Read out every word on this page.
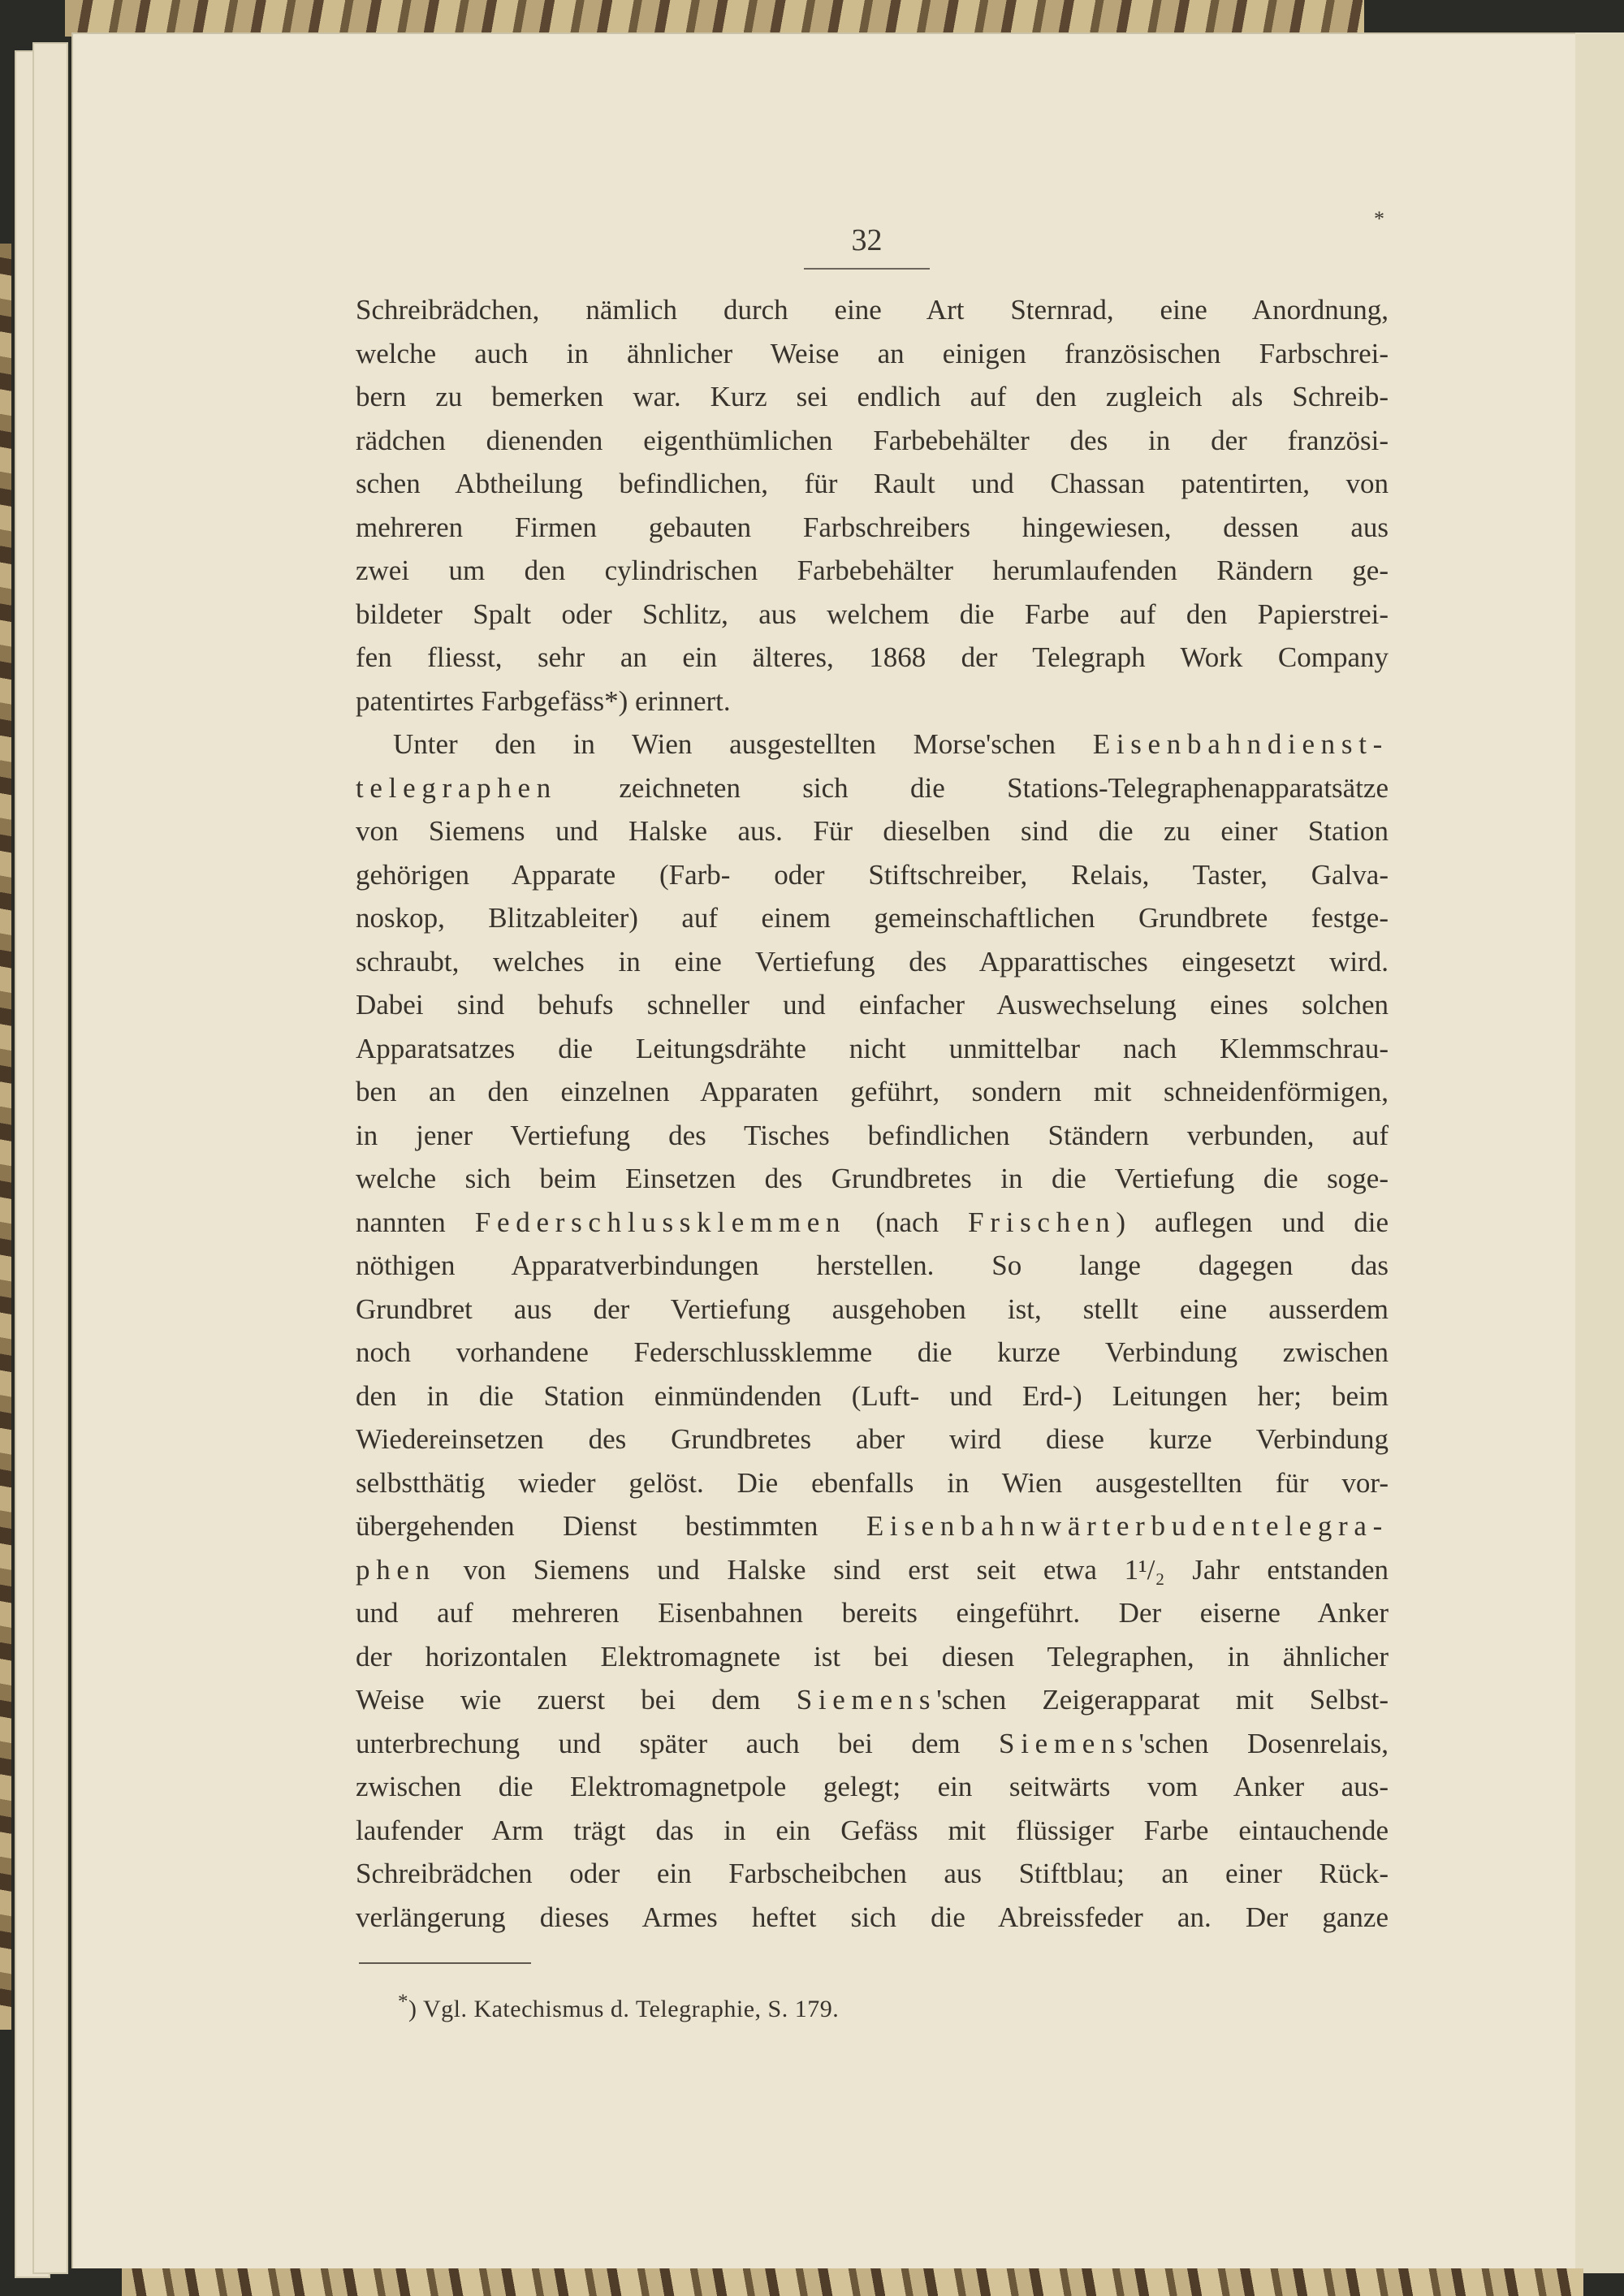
32
*
Schreibrädchen, nämlich durch eine Art Sternrad, eine Anordnung,
welche auch in ähnlicher Weise an einigen französischen Farbschrei-
bern zu bemerken war. Kurz sei endlich auf den zugleich als Schreib-
rädchen dienenden eigenthümlichen Farbebehälter des in der französi-
schen Abtheilung befindlichen, für Rault und Chassan patentirten, von
mehreren Firmen gebauten Farbschreibers hingewiesen, dessen aus
zwei um den cylindrischen Farbebehälter herumlaufenden Rändern ge-
bildeter Spalt oder Schlitz, aus welchem die Farbe auf den Papierstrei-
fen fliesst, sehr an ein älteres, 1868 der Telegraph Work Company
patentirtes Farbgefäss*) erinnert.
Unter den in Wien ausgestellten Morse'schen Eisenbahndienst-
telegraphen zeichneten sich die Stations-Telegraphenapparatsätze
von Siemens und Halske aus. Für dieselben sind die zu einer Station
gehörigen Apparate (Farb- oder Stiftschreiber, Relais, Taster, Galva-
noskop, Blitzableiter) auf einem gemeinschaftlichen Grundbrete festge-
schraubt, welches in eine Vertiefung des Apparattisches eingesetzt wird.
Dabei sind behufs schneller und einfacher Auswechselung eines solchen
Apparatsatzes die Leitungsdrähte nicht unmittelbar nach Klemmschrau-
ben an den einzelnen Apparaten geführt, sondern mit schneidenförmigen,
in jener Vertiefung des Tisches befindlichen Ständern verbunden, auf
welche sich beim Einsetzen des Grundbretes in die Vertiefung die soge-
nannten Federschlussklemmen (nach Frischen) auflegen und die
nöthigen Apparatverbindungen herstellen. So lange dagegen das
Grundbret aus der Vertiefung ausgehoben ist, stellt eine ausserdem
noch vorhandene Federschlussklemme die kurze Verbindung zwischen
den in die Station einmündenden (Luft- und Erd-) Leitungen her; beim
Wiedereinsetzen des Grundbretes aber wird diese kurze Verbindung
selbstthätig wieder gelöst. Die ebenfalls in Wien ausgestellten für vor-
übergehenden Dienst bestimmten Eisenbahnwärterbudentelegra-
phen von Siemens und Halske sind erst seit etwa 1¹/₂ Jahr entstanden
und auf mehreren Eisenbahnen bereits eingeführt. Der eiserne Anker
der horizontalen Elektromagnete ist bei diesen Telegraphen, in ähnlicher
Weise wie zuerst bei dem Siemens'schen Zeigerapparat mit Selbst-
unterbrechung und später auch bei dem Siemens'schen Dosenrelais,
zwischen die Elektromagnetpole gelegt; ein seitwärts vom Anker aus-
laufender Arm trägt das in ein Gefäss mit flüssiger Farbe eintauchende
Schreibrädchen oder ein Farbscheibchen aus Stiftblau; an einer Rück-
verlängerung dieses Armes heftet sich die Abreissfeder an. Der ganze
*) Vgl. Katechismus d. Telegraphie, S. 179.
